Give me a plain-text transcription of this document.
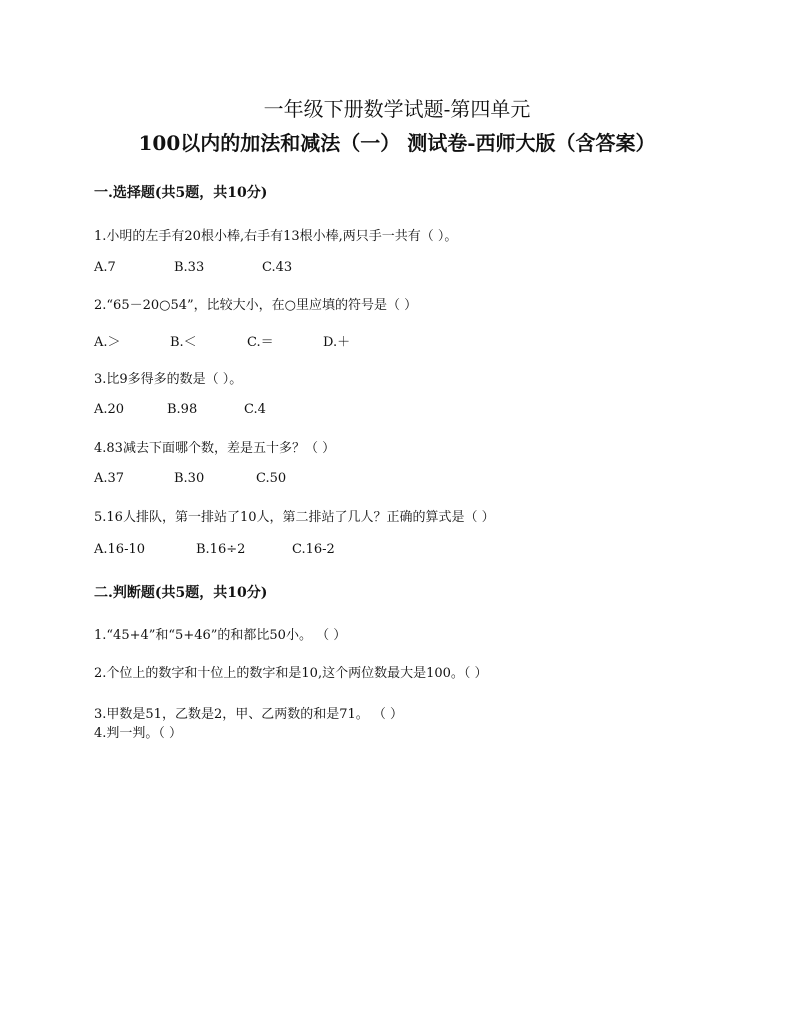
一年级下册数学试题-第四单元
100以内的加法和减法（一） 测试卷-西师大版（含答案）
一.选择题(共5题，共10分)
1.小明的左手有20根小棒,右手有13根小棒,两只手一共有（ ）。
A.7	B.33	C.43
2.“65－20○54”，比较大小，在○里应填的符号是（ ）
A.＞	B.＜	C.＝	D.＋
3.比9多得多的数是（ ）。
A.20	B.98	C.4
4.83减去下面哪个数，差是五十多？（ ）
A.37	B.30	C.50
5.16人排队，第一排站了10人，第二排站了几人？正确的算式是（ ）
A.16-10	B.16÷2	C.16-2
二.判断题(共5题，共10分)
1.“45+4”和“5+46”的和都比50小。 （ ）
2.个位上的数字和十位上的数字和是10,这个两位数最大是100。（ ）
3.甲数是51，乙数是2，甲、乙两数的和是71。 （ ）
4.判一判。（ ）
